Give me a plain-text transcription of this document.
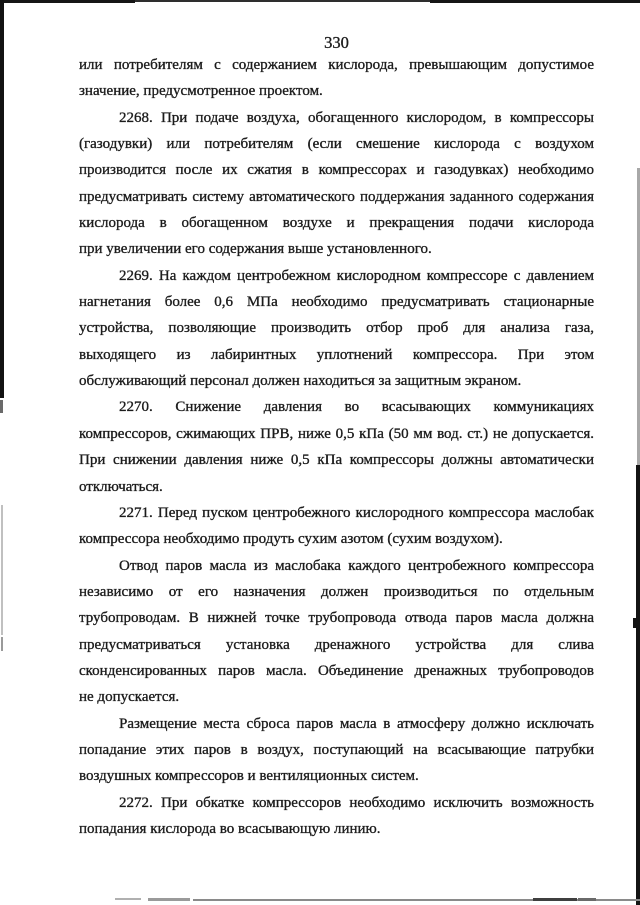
330
или потребителям с содержанием кислорода, превышающим допустимое
значение, предусмотренное проектом.
2268. При подаче воздуха, обогащенного кислородом, в компрессоры
(газодувки) или потребителям (если смешение кислорода с воздухом
производится после их сжатия в компрессорах и газодувках) необходимо
предусматривать систему автоматического поддержания заданного содержания
кислорода в обогащенном воздухе и прекращения подачи кислорода
при увеличении его содержания выше установленного.
2269. На каждом центробежном кислородном компрессоре с давлением
нагнетания более 0,6 МПа необходимо предусматривать стационарные
устройства, позволяющие производить отбор проб для анализа газа,
выходящего из лабиринтных уплотнений компрессора. При этом
обслуживающий персонал должен находиться за защитным экраном.
2270. Снижение давления во всасывающих коммуникациях
компрессоров, сжимающих ПРВ, ниже 0,5 кПа (50 мм вод. ст.) не допускается.
При снижении давления ниже 0,5 кПа компрессоры должны автоматически
отключаться.
2271. Перед пуском центробежного кислородного компрессора маслобак
компрессора необходимо продуть сухим азотом (сухим воздухом).
Отвод паров масла из маслобака каждого центробежного компрессора
независимо от его назначения должен производиться по отдельным
трубопроводам. В нижней точке трубопровода отвода паров масла должна
предусматриваться установка дренажного устройства для слива
сконденсированных паров масла. Объединение дренажных трубопроводов
не допускается.
Размещение места сброса паров масла в атмосферу должно исключать
попадание этих паров в воздух, поступающий на всасывающие патрубки
воздушных компрессоров и вентиляционных систем.
2272. При обкатке компрессоров необходимо исключить возможность
попадания кислорода во всасывающую линию.
